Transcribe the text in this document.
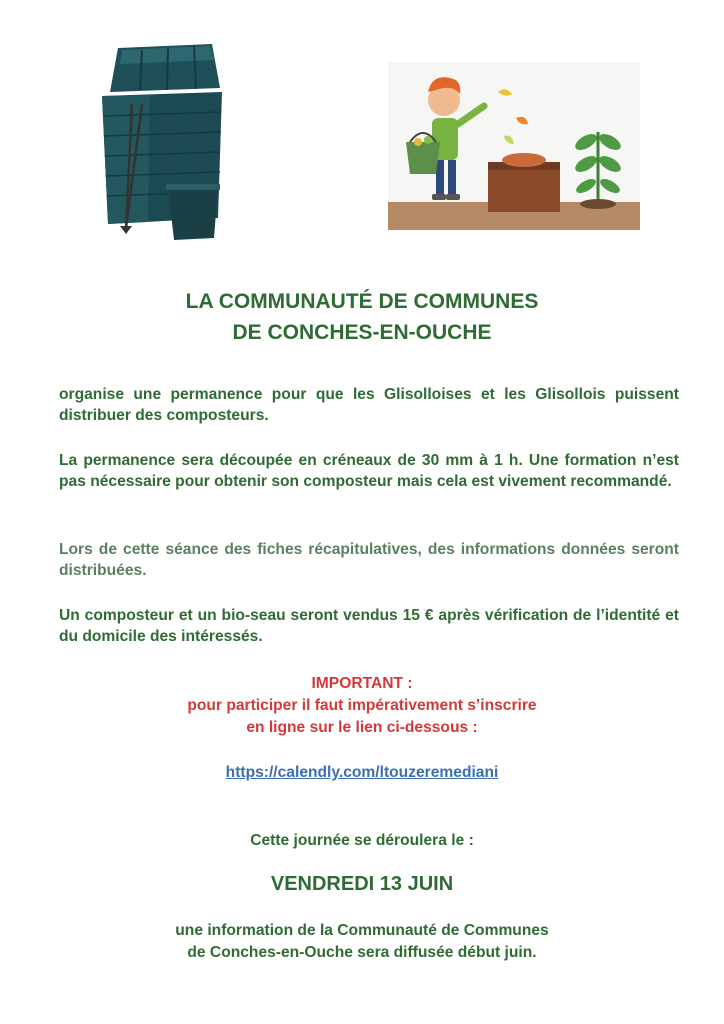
LA COMMUNAUTÉ DE COMMUNES
DE CONCHES-EN-OUCHE

organise une permanence pour que les Glisolloises et les Glisollois puissent distribuer des composteurs.

La permanence sera découpée en créneaux de 30 mm à 1 h. Une formation n’est pas nécessaire pour obtenir son composteur mais cela est vivement recommandé.

Lors de cette séance des fiches récapitulatives, des informations données seront distribuées.

Un composteur et un bio-seau seront vendus 15 € après vérification de l’identité et du domicile des intéressés.

IMPORTANT :

pour participer il faut impérativement s’inscrire

en ligne sur le lien ci-dessous :

https://calendly.com/ltouzeremediani

Cette journée se déroulera le :

VENDREDI 13 JUIN

une information de la Communauté de Communes

de Conches-en-Ouche sera diffusée début juin.
